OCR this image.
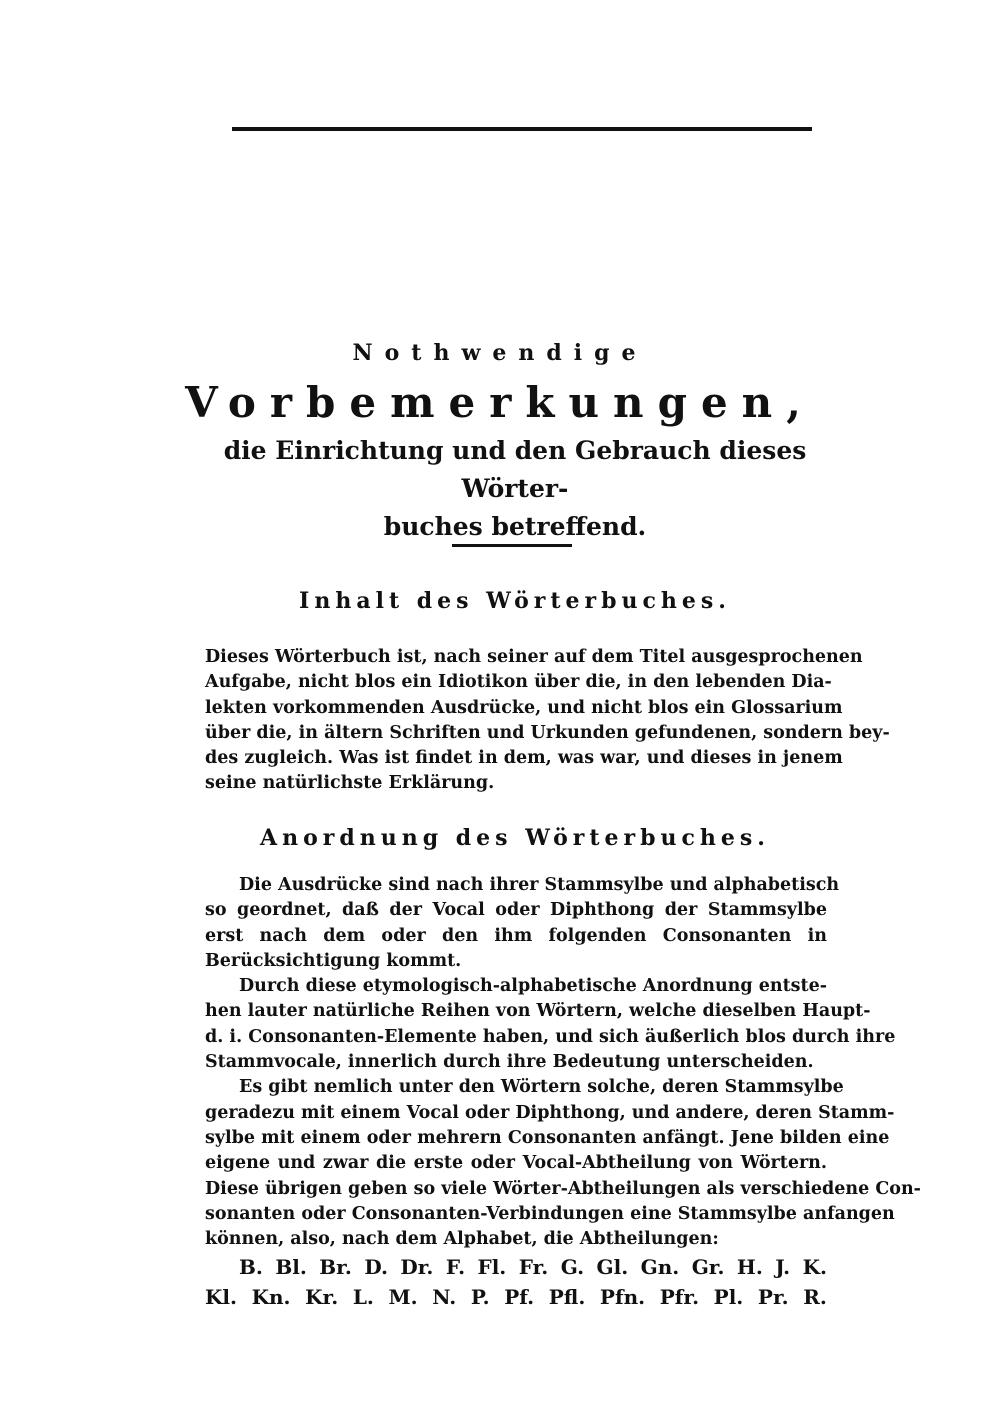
Nothwendige
Vorbemerkungen,
die Einrichtung und den Gebrauch dieses Wörter-
buches betreffend.
Inhalt des Wörterbuches.
Dieses Wörterbuch ist, nach seiner auf dem Titel ausgesprochenen
Aufgabe, nicht blos ein Idiotikon über die, in den lebenden Dia-
lekten vorkommenden Ausdrücke, und nicht blos ein Glossarium
über die, in ältern Schriften und Urkunden gefundenen, sondern bey-
des zugleich. Was ist findet in dem, was war, und dieses in jenem
seine natürlichste Erklärung.
Anordnung des Wörterbuches.
Die Ausdrücke sind nach ihrer Stammsylbe und alphabetisch
so geordnet, daß der Vocal oder Diphthong der Stammsylbe
erst nach dem oder den ihm folgenden Consonanten in
Berücksichtigung kommt.
Durch diese etymologisch-alphabetische Anordnung entste-
hen lauter natürliche Reihen von Wörtern, welche dieselben Haupt-
d. i. Consonanten-Elemente haben, und sich äußerlich blos durch ihre
Stammvocale, innerlich durch ihre Bedeutung unterscheiden.
Es gibt nemlich unter den Wörtern solche, deren Stammsylbe
geradezu mit einem Vocal oder Diphthong, und andere, deren Stamm-
sylbe mit einem oder mehrern Consonanten anfängt. Jene bilden eine
eigene und zwar die erste oder Vocal-Abtheilung von Wörtern.
Diese übrigen geben so viele Wörter-Abtheilungen als verschiedene Con-
sonanten oder Consonanten-Verbindungen eine Stammsylbe anfangen
können, also, nach dem Alphabet, die Abtheilungen:
B. Bl. Br. D. Dr. F. Fl. Fr. G. Gl. Gn. Gr. H. J. K.
Kl. Kn. Kr. L. M. N. P. Pf. Pfl. Pfn. Pfr. Pl. Pr. R.
